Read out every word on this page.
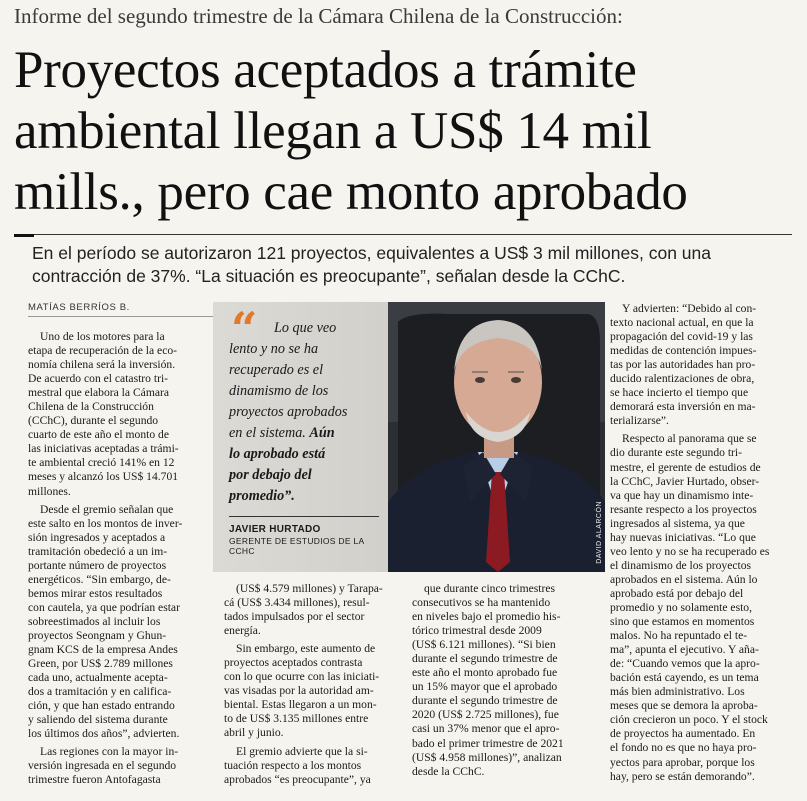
Informe del segundo trimestre de la Cámara Chilena de la Construcción:
Proyectos aceptados a trámite
ambiental llegan a US$ 14 mil
mills., pero cae monto aprobado
En el período se autorizaron 121 proyectos, equivalentes a US$ 3 mil millones, con una
contracción de 37%. “La situación es preocupante”, señalan desde la CChC.
MATÍAS BERRÍOS B.
Uno de los motores para la
etapa de recuperación de la eco-
nomía chilena será la inversión.
De acuerdo con el catastro tri-
mestral que elabora la Cámara
Chilena de la Construcción
(CChC), durante el segundo
cuarto de este año el monto de
las iniciativas aceptadas a trámi-
te ambiental creció 141% en 12
meses y alcanzó los US$ 14.701
millones.
Desde el gremio señalan que
este salto en los montos de inver-
sión ingresados y aceptados a
tramitación obedeció a un im-
portante número de proyectos
energéticos. “Sin embargo, de-
bemos mirar estos resultados
con cautela, ya que podrían estar
sobreestimados al incluir los
proyectos Seongnam y Ghun-
gnam KCS de la empresa Andes
Green, por US$ 2.789 millones
cada uno, actualmente acepta-
dos a tramitación y en califica-
ción, y que han estado entrando
y saliendo del sistema durante
los últimos dos años”, advierten.
Las regiones con la mayor in-
versión ingresada en el segundo
trimestre fueron Antofagasta
(US$ 4.579 millones) y Tarapa-
cá (US$ 3.434 millones), resul-
tados impulsados por el sector
energía.
Sin embargo, este aumento de
proyectos aceptados contrasta
con lo que ocurre con las iniciati-
vas visadas por la autoridad am-
biental. Estas llegaron a un mon-
to de US$ 3.135 millones entre
abril y junio.
El gremio advierte que la si-
tuación respecto a los montos
aprobados “es preocupante”, ya
que durante cinco trimestres
consecutivos se ha mantenido
en niveles bajo el promedio his-
tórico trimestral desde 2009
(US$ 6.121 millones). “Si bien
durante el segundo trimestre de
este año el monto aprobado fue
un 15% mayor que el aprobado
durante el segundo trimestre de
2020 (US$ 2.725 millones), fue
casi un 37% menor que el apro-
bado el primer trimestre de 2021
(US$ 4.958 millones)”, analizan
desde la CChC.
Y advierten: “Debido al con-
texto nacional actual, en que la
propagación del covid-19 y las
medidas de contención impues-
tas por las autoridades han pro-
ducido ralentizaciones de obra,
se hace incierto el tiempo que
demorará esta inversión en ma-
terializarse”.
Respecto al panorama que se
dio durante este segundo tri-
mestre, el gerente de estudios de
la CChC, Javier Hurtado, obser-
va que hay un dinamismo inte-
resante respecto a los proyectos
ingresados al sistema, ya que
hay nuevas iniciativas. “Lo que
veo lento y no se ha recuperado es
el dinamismo de los proyectos
aprobados en el sistema. Aún lo
aprobado está por debajo del
promedio y no solamente esto,
sino que estamos en momentos
malos. No ha repuntado el te-
ma”, apunta el ejecutivo. Y aña-
de: “Cuando vemos que la apro-
bación está cayendo, es un tema
más bien administrativo. Los
meses que se demora la aproba-
ción crecieron un poco. Y el stock
de proyectos ha aumentado. En
el fondo no es que no haya pro-
yectos para aprobar, porque los
hay, pero se están demorando”.
“	Lo que veo
lento y no se ha
recuperado es el
dinamismo de los
proyectos aprobados
en el sistema. Aún
lo aprobado está
por debajo del
promedio”.
JAVIER HURTADO
GERENTE DE ESTUDIOS DE LA CCHC	DAVID ALARCÓN
